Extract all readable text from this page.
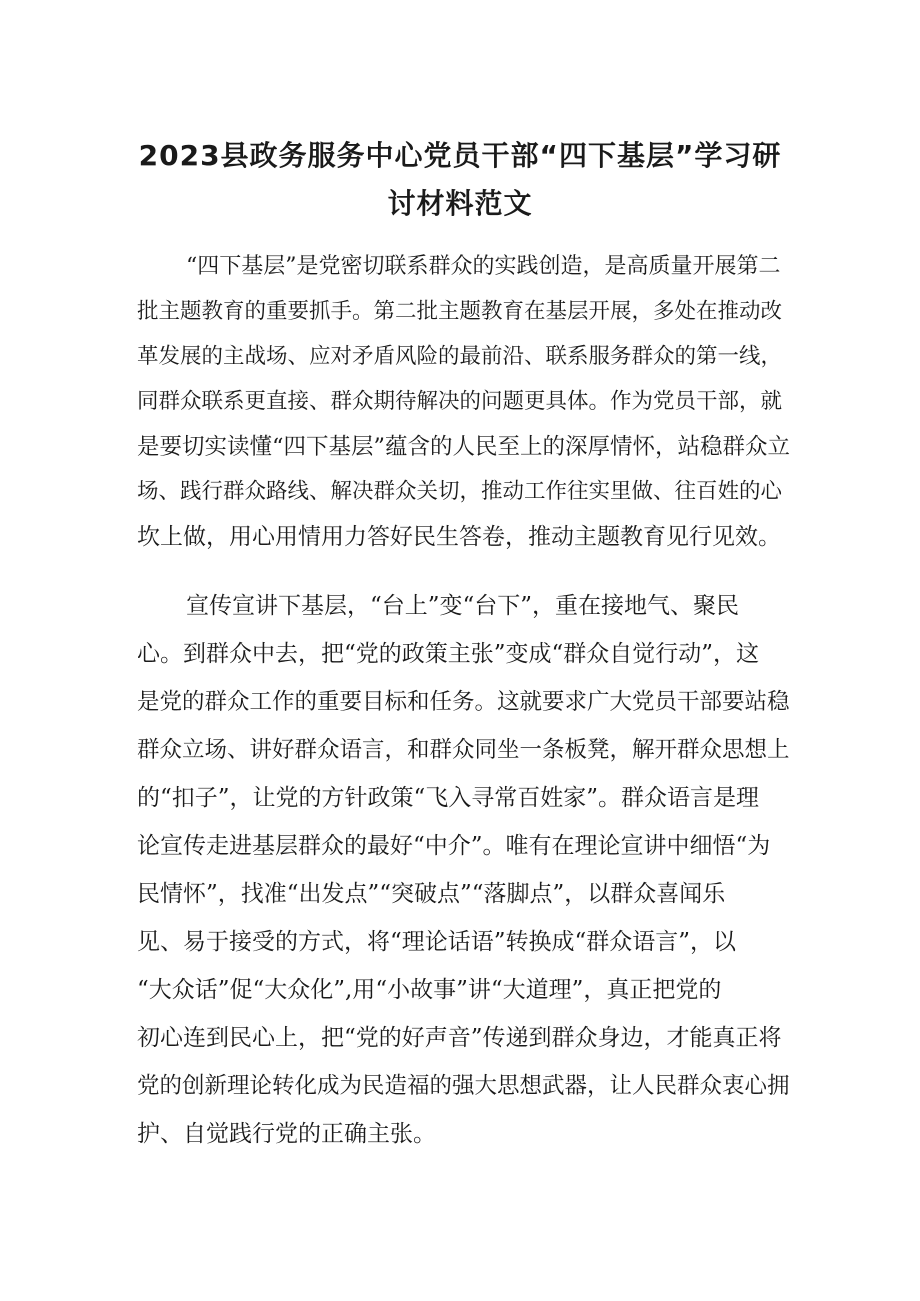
2023县政务服务中心党员干部“四下基层”学习研
讨材料范文
“四下基层”是党密切联系群众的实践创造，是高质量开展第二
批主题教育的重要抓手。第二批主题教育在基层开展，多处在推动改
革发展的主战场、应对矛盾风险的最前沿、联系服务群众的第一线，
同群众联系更直接、群众期待解决的问题更具体。作为党员干部，就
是要切实读懂“四下基层”蕴含的人民至上的深厚情怀，站稳群众立
场、践行群众路线、解决群众关切，推动工作往实里做、往百姓的心
坎上做，用心用情用力答好民生答卷，推动主题教育见行见效。
宣传宣讲下基层，“台上”变“台下”，重在接地气、聚民
心。到群众中去，把“党的政策主张”变成“群众自觉行动”，这
是党的群众工作的重要目标和任务。这就要求广大党员干部要站稳
群众立场、讲好群众语言，和群众同坐一条板凳，解开群众思想上
的“扣子”，让党的方针政策“飞入寻常百姓家”。群众语言是理
论宣传走进基层群众的最好“中介”。唯有在理论宣讲中细悟“为
民情怀”，找准“出发点”“突破点”“落脚点”，以群众喜闻乐
见、易于接受的方式，将“理论话语”转换成“群众语言”，以
“大众话”促“大众化”,用“小故事”讲“大道理”，真正把党的
初心连到民心上，把“党的好声音”传递到群众身边，才能真正将
党的创新理论转化成为民造福的强大思想武器，让人民群众衷心拥
护、自觉践行党的正确主张。
